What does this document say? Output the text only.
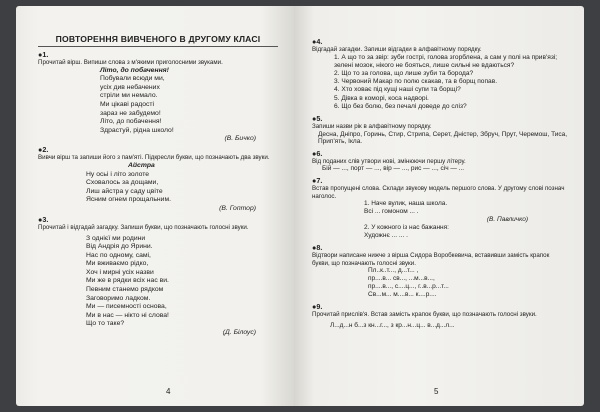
ПОВТОРЕННЯ ВИВЧЕНОГО В ДРУГОМУ КЛАСІ
●1.
Прочитай вірш. Випиши слова з м'якими приголосними звуками.
Літо, до побачення!
Побували всюди ми,
усіх див небачених
стріли ми немало.
Ми цікаві радості
зараз не забудемо!
Літо, до побачення!
Здрастуй, рідна школо!
(В. Бичко)
●2.
Вивчи вірш та запиши його з пам'яті. Підкресли букви, що позначають два звуки.
Айстра
Ну осьі і літо золоте
Сховалось за дощами,
Лиш айстра у саду цвіте
Ясним огнем прощальним.
(В. Гоптор)
●3.
Прочитай і відгадай загадку. Запиши букви, що позначають голосні звуки.
З однієї ми родини
Від Андрія до Ярини.
Нас по одному, самі,
Ми вживаємо рідко,
Хоч і мирні усіх назви
Ми же в рядки всіх нас ви.
Певним станемо рядком
Заговоримо ладком.
Ми — писемності основа,
Ми в нас — нікто ні слова!
Що то таке?
(Д. Білоус)
4
●4.
Відгадай загадки. Запиши відгадки в алфавітному порядку.
1. А що то за звір: зуби гострі, голова згорблена, а сам у полі на прив'язі;
зелені мозок, нікого не бояться, лише сильні не вдаються?
2. Що то за голова, що лише зуби та борода?
3. Червоний Макар по полю скакав, та в борщ попав.
4. Хто ховає під кущі наші супи та борщі?
5. Дівка в коморі, коса надворі.
6. Що без болю, без печалі доведе до сліз?
●5.
Запиши назви рік в алфавітному порядку.
Десна, Дніпро, Горинь, Стир, Стрипа, Серет, Дністер, Збруч, Прут, Черемош, Тиса, Прип'ять, Ікла.
●6.
Від поданих слів утвори нові, змінюючи першу літеру.
Бій — ..., порт — ..., вір — ..., рис — ..., січ — ...
●7.
Встав пропущені слова. Склади звукову модель першого слова. У другому слові познач наголос.
1. Наче вулик, наша школа.
Всі ... гомоном ... .
(В. Павличко)
2. У кожного із нас бажання:
Художнє ... ... .
●8.
Відтвори написане нижче з вірша Сидора Воробкевича, вставивши замість крапок букви, що позначають голосні звуки.
Пл..к..т..., д...т... ,
пр....в... св..., ...м...в...,
пр....в..., с....ц..., г..в...р...т...
Св...м... м....в... к....р....
●9.
Прочитай прислів'я. Встав замість крапок букви, що позначають голосні звуки.
Л...д...н б...з кн...г..., з кр...н...ц... в...д...л...
5
